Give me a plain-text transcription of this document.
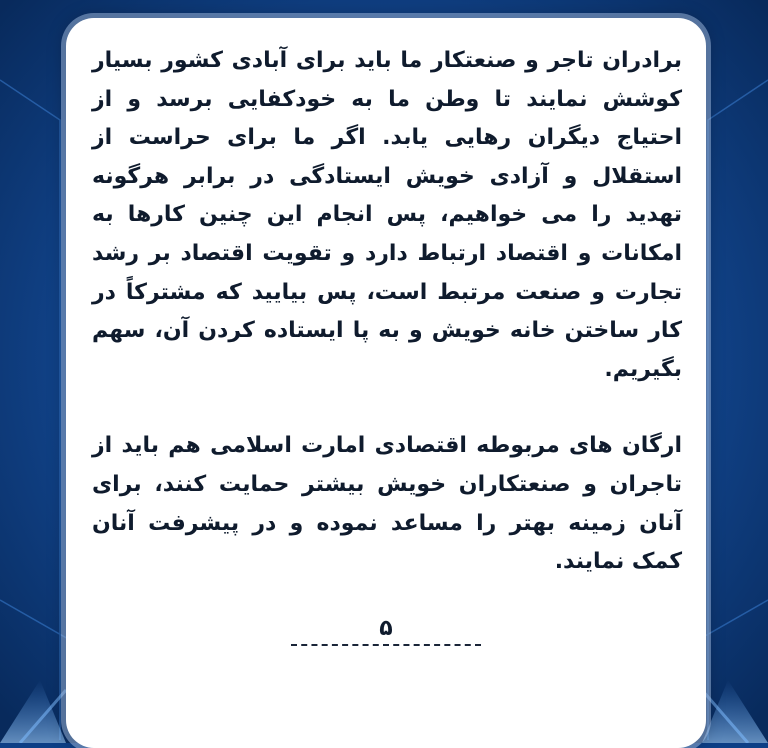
برادران تاجر و صنعتکار ما باید برای آبادی کشور بسیار کوشش نمایند تا وطن ما به خودکفایی برسد و از احتیاج دیگران رهایی یابد. اگر ما برای حراست از استقلال و آزادی خویش ایستادگی در برابر هرگونه تهدید را می خواهیم، پس انجام این چنین کارها به امکانات و اقتصاد ارتباط دارد و تقویت اقتصاد بر رشد تجارت و صنعت مرتبط است، پس بیایید که مشترکاً در کار ساختن خانه خویش و به پا ایستاده کردن آن، سهم بگیریم.

ارگان های مربوطه اقتصادی امارت اسلامی هم باید از تاجران و صنعتکاران خویش بیشتر حمایت کنند، برای آنان زمینه بهتر را مساعد نموده و در پیشرفت آنان کمک نمایند.

۵
